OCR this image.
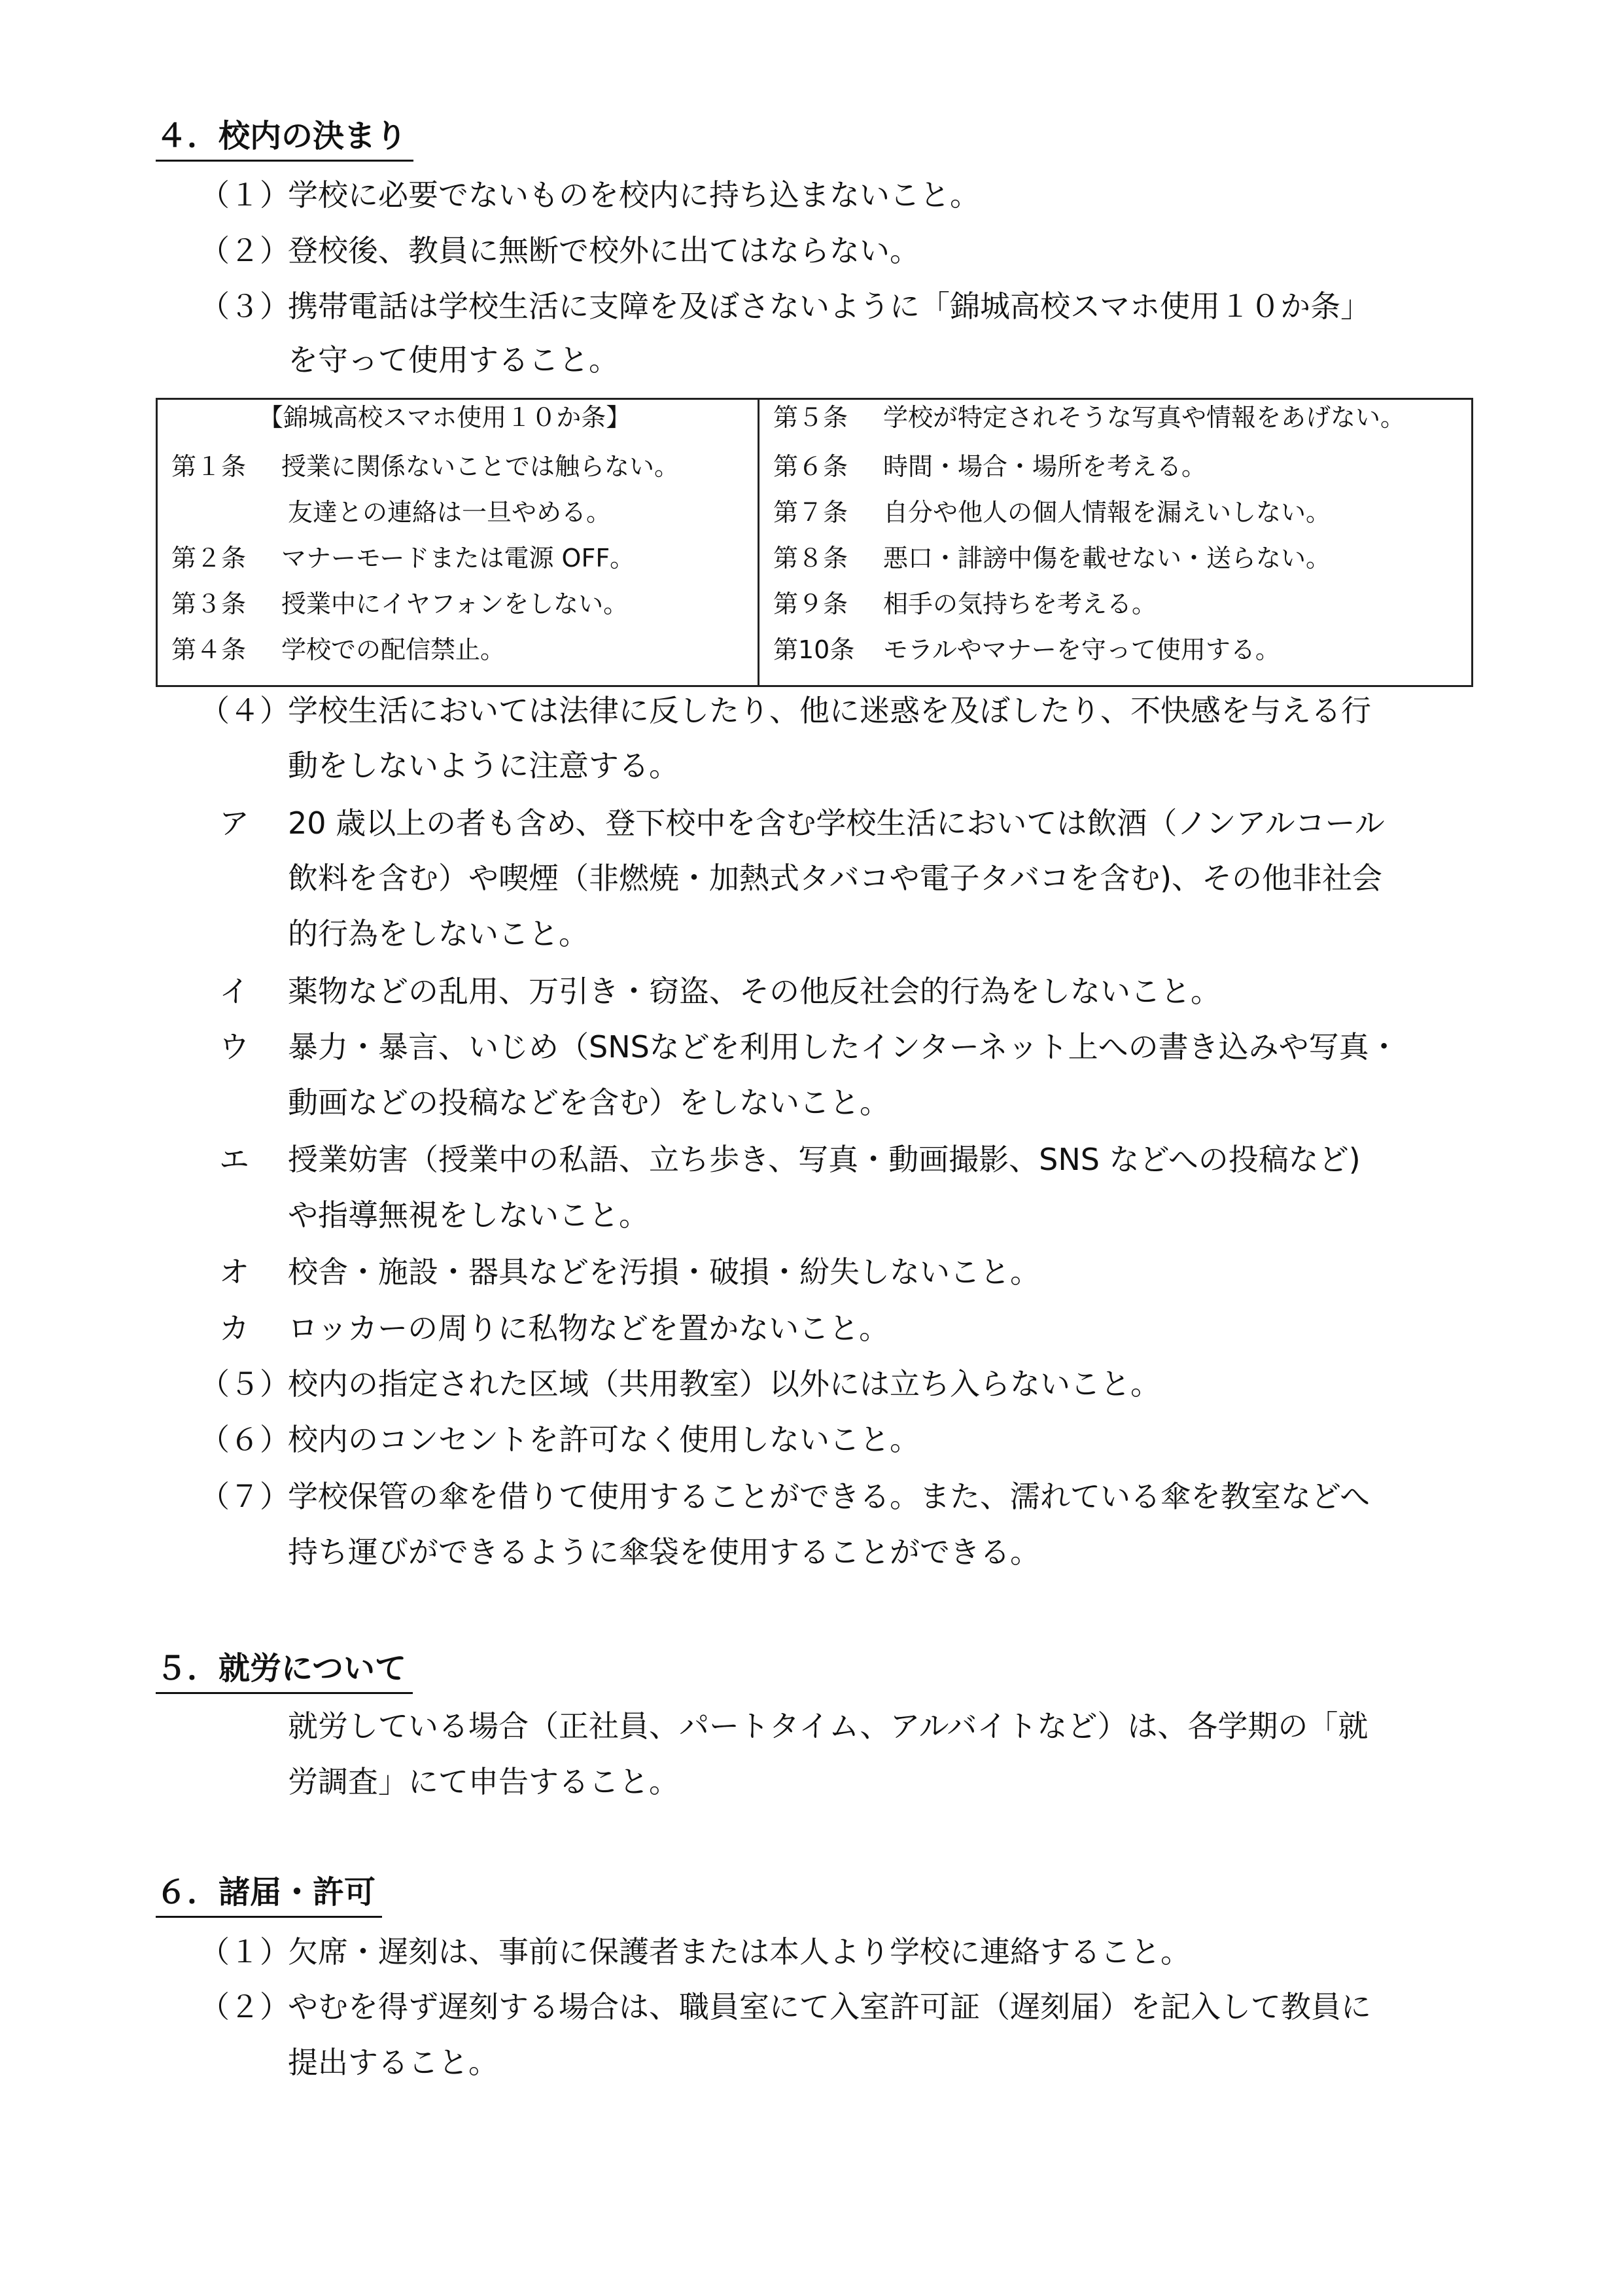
４．校内の決まり
（１）
学校に必要でないものを校内に持ち込まないこと。
（２）
登校後、教員に無断で校外に出てはならない。
（３）
携帯電話は学校生活に支障を及ぼさないように「錦城高校スマホ使用１０か条」
を守って使用すること。
【錦城高校スマホ使用１０か条】
第１条 授業に関係ないことでは触らない。
友達との連絡は一旦やめる。
第２条 マナーモードまたは電源 OFF。
第３条 授業中にイヤフォンをしない。
第４条 学校での配信禁止。
第５条 学校が特定されそうな写真や情報をあげない。
第６条 時間・場合・場所を考える。
第７条 自分や他人の個人情報を漏えいしない。
第８条 悪口・誹謗中傷を載せない・送らない。
第９条 相手の気持ちを考える。
第10条 モラルやマナーを守って使用する。
（４）
学校生活においては法律に反したり、他に迷惑を及ぼしたり、不快感を与える行
動をしないように注意する。
ア 20 歳以上の者も含め、登下校中を含む学校生活においては飲酒（ノンアルコール
飲料を含む）や喫煙（非燃焼・加熱式タバコや電子タバコを含む)、その他非社会
的行為をしないこと。
イ 薬物などの乱用、万引き・窃盗、その他反社会的行為をしないこと。
ウ 暴力・暴言、いじめ（SNSなどを利用したインターネット上への書き込みや写真・
動画などの投稿などを含む）をしないこと。
エ 授業妨害（授業中の私語、立ち歩き、写真・動画撮影、SNS などへの投稿など)
や指導無視をしないこと。
オ 校舎・施設・器具などを汚損・破損・紛失しないこと。
カ ロッカーの周りに私物などを置かないこと。
（５）
校内の指定された区域（共用教室）以外には立ち入らないこと。
（６）
校内のコンセントを許可なく使用しないこと。
（７）
学校保管の傘を借りて使用することができる。また、濡れている傘を教室などへ
持ち運びができるように傘袋を使用することができる。
５．就労について
就労している場合（正社員、パートタイム、アルバイトなど）は、各学期の「就
労調査」にて申告すること。
６．諸届・許可
（１）
欠席・遅刻は、事前に保護者または本人より学校に連絡すること。
（２）
やむを得ず遅刻する場合は、職員室にて入室許可証（遅刻届）を記入して教員に
提出すること。
